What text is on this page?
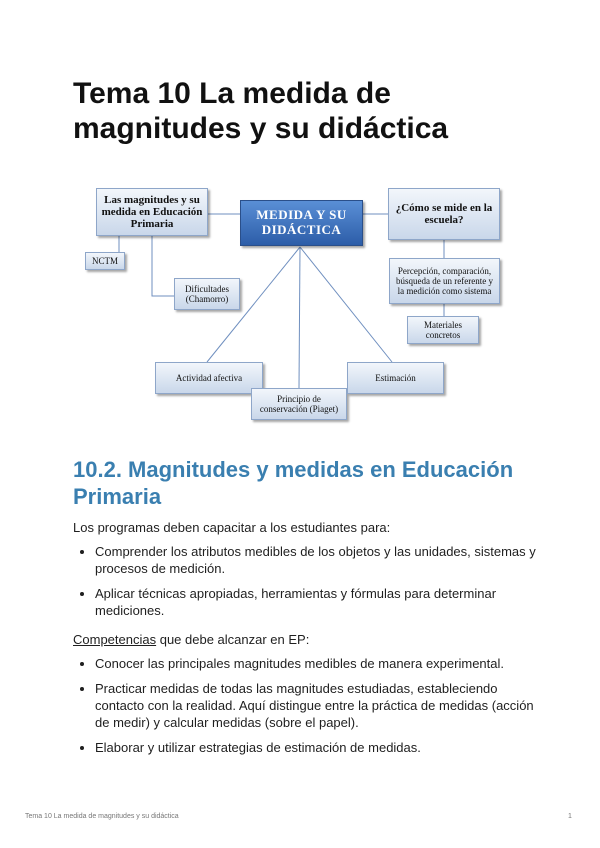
Tema 10 La medida de magnitudes y su didáctica
Las magnitudes y su medida en Educación Primaria
MEDIDA Y SU DIDÁCTICA
¿Cómo se mide en la escuela?
NCTM
Dificultades (Chamorro)
Percepción, comparación, búsqueda de un referente y la medición como sistema
Materiales concretos
Actividad afectiva
Principio de conservación (Piaget)
Estimación
10.2. Magnitudes y medidas en Educación Primaria

Los programas deben capacitar a los estudiantes para:

Comprender los atributos medibles de los objetos y las unidades, sistemas y procesos de medición.
Aplicar técnicas apropiadas, herramientas y fórmulas para determinar mediciones.

Competencias que debe alcanzar en EP:

Conocer las principales magnitudes medibles de manera experimental.
Practicar medidas de todas las magnitudes estudiadas, estableciendo contacto con la realidad. Aquí distingue entre la práctica de medidas (acción de medir) y calcular medidas (sobre el papel).
Elaborar y utilizar estrategias de estimación de medidas.
Tema 10 La medida de magnitudes y su didáctica	1
